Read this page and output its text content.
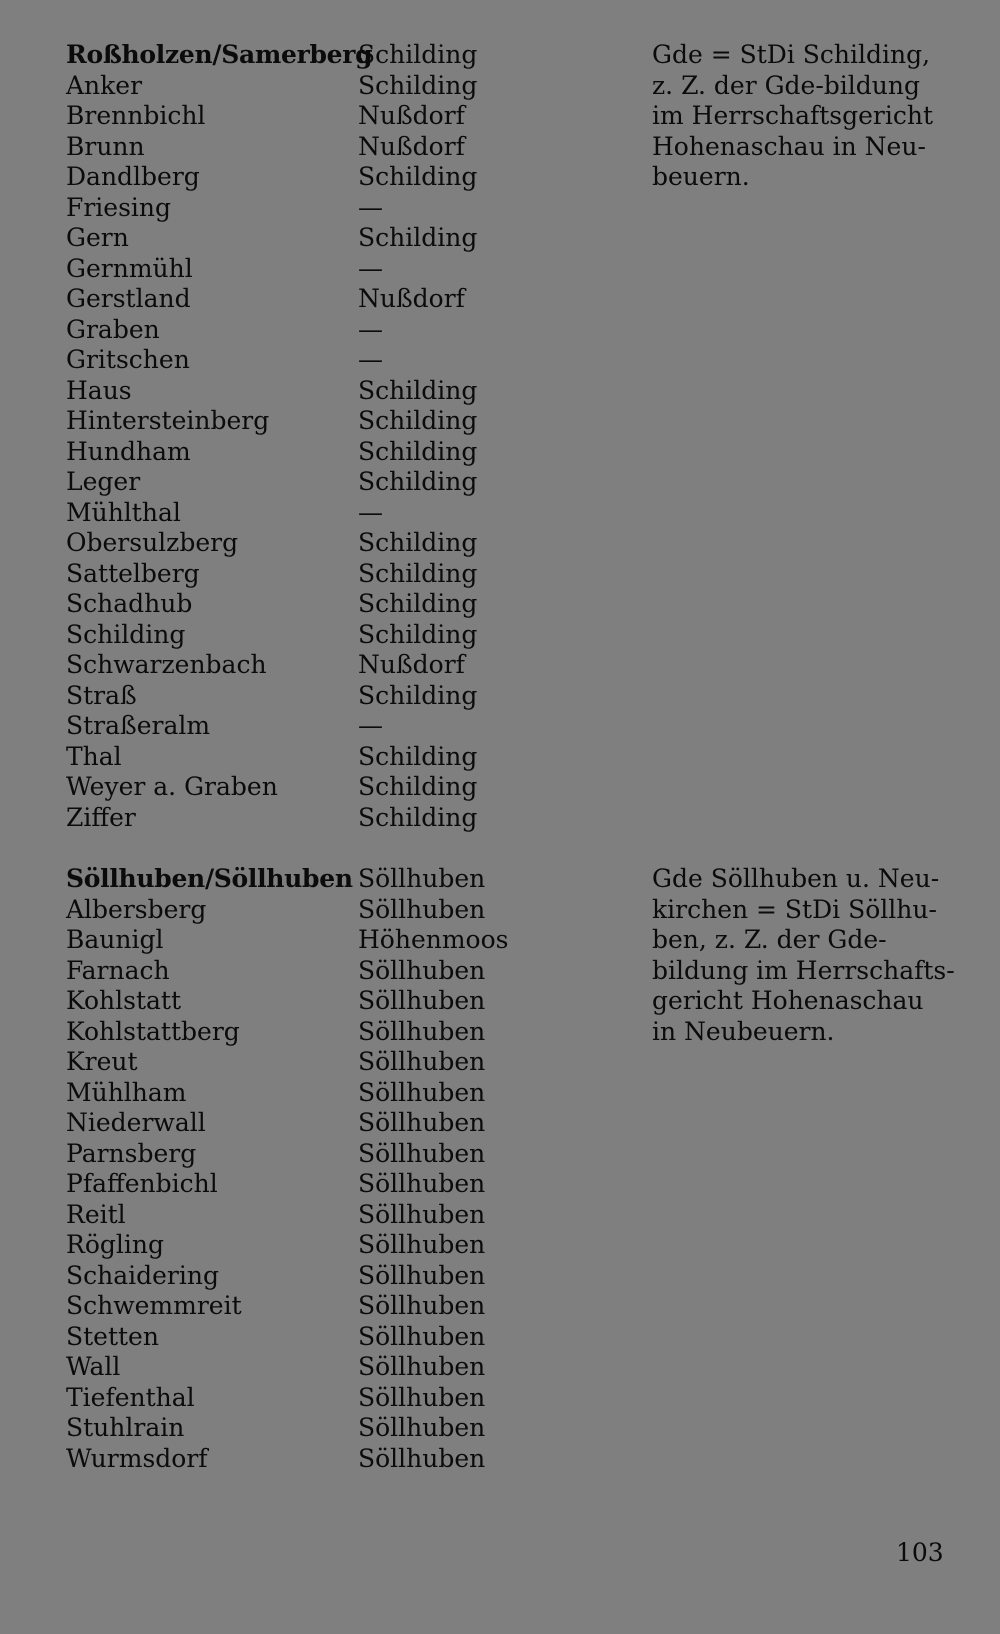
Roßholzen/Samerberg
Anker
Brennbichl
Brunn
Dandlberg
Friesing
Gern
Gernmühl
Gerstland
Graben
Gritschen
Haus
Hintersteinberg
Hundham
Leger
Mühlthal
Obersulzberg
Sattelberg
Schadhub
Schilding
Schwarzenbach
Straß
Straßeralm
Thal
Weyer a. Graben
Ziffer
Schilding
Schilding
Nußdorf
Nußdorf
Schilding
—
Schilding
—
Nußdorf
—
—
Schilding
Schilding
Schilding
Schilding
—
Schilding
Schilding
Schilding
Schilding
Nußdorf
Schilding
—
Schilding
Schilding
Schilding
Gde = StDi Schilding,
z. Z. der Gde-bildung
im Herrschaftsgericht
Hohenaschau in Neu-
beuern.
Söllhuben/Söllhuben
Albersberg
Baunigl
Farnach
Kohlstatt
Kohlstattberg
Kreut
Mühlham
Niederwall
Parnsberg
Pfaffenbichl
Reitl
Rögling
Schaidering
Schwemmreit
Stetten
Wall
Tiefenthal
Stuhlrain
Wurmsdorf
Söllhuben
Söllhuben
Höhenmoos
Söllhuben
Söllhuben
Söllhuben
Söllhuben
Söllhuben
Söllhuben
Söllhuben
Söllhuben
Söllhuben
Söllhuben
Söllhuben
Söllhuben
Söllhuben
Söllhuben
Söllhuben
Söllhuben
Söllhuben
Gde Söllhuben u. Neu-
kirchen = StDi Söllhu-
ben, z. Z. der Gde-
bildung im Herrschafts-
gericht Hohenaschau
in Neubeuern.
103
